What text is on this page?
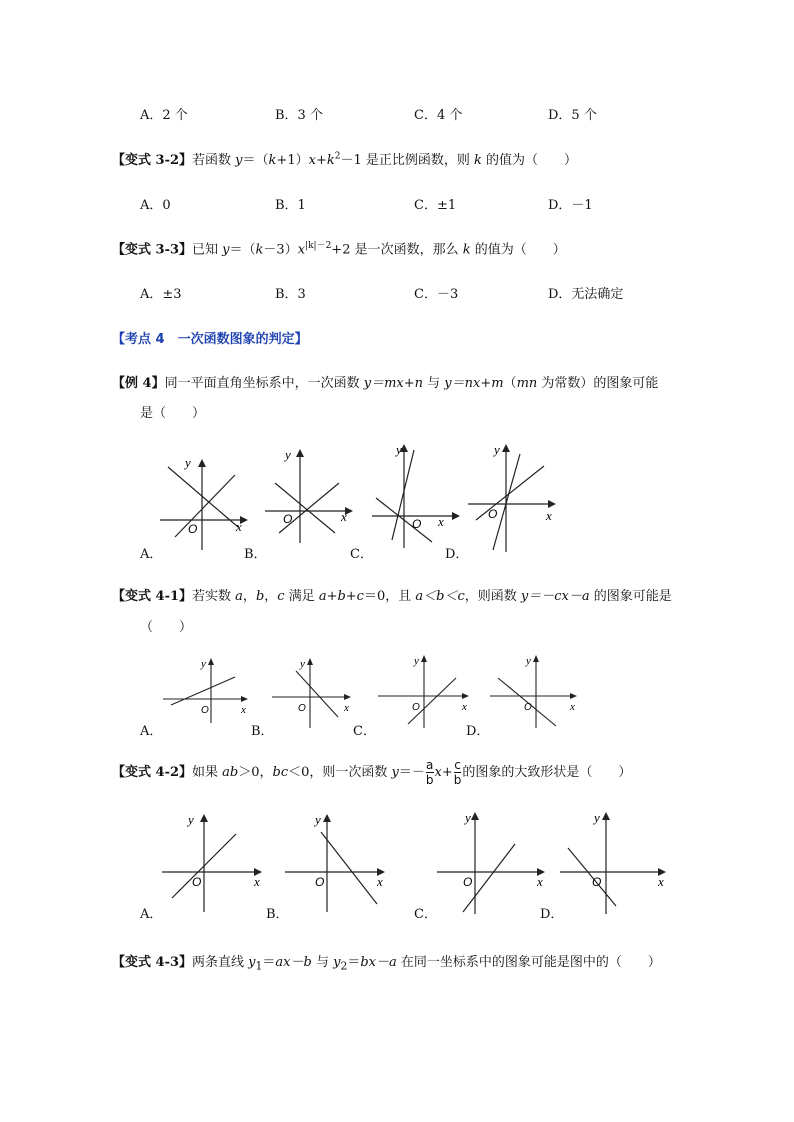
A．2 个	B．3 个	C．4 个	D．5 个
【变式 3-2】若函数 $y=(k+1)x+k^2-1$ 是正比例函数，则 k 的值为（　　）
A．0	B．1	C．±1	D．－1
【变式 3-3】已知 $y=(k-3)x^{|k|-2}+2$ 是一次函数，那么 k 的值为（　　）
A．±3	B．3	C．－3	D．无法确定
【考点 4　一次函数图象的判定】
【例 4】同一平面直角坐标系中，一次函数 y＝mx+n 与 y＝nx+m（mn 为常数）的图象可能
是（　　）
y
x
O
y
x
O
y
x
O
y
x
O
A．	B．	C．	D．
【变式 4-1】若实数 a，b，c 满足 a+b+c＝0，且 a＜b＜c，则函数 y＝－cx－a 的图象可能是
（　　）
y
x
O
y
x
O
y
x
O
y
x
O
A．	B．	C．	D．
【变式 4-2】如果 ab＞0，bc＜0，则一次函数 $y=- \frac{a}{b} x+ \frac{c}{b}$ 的图象的大致形状是（　　）
y
x
O
y
x
O
y
x
O
y
x
O
A．	B．	C．	D．
【变式 4-3】两条直线 $y_1=ax-b$ 与 $y_2=bx-a$ 在同一坐标系中的图象可能是图中的（　　）
